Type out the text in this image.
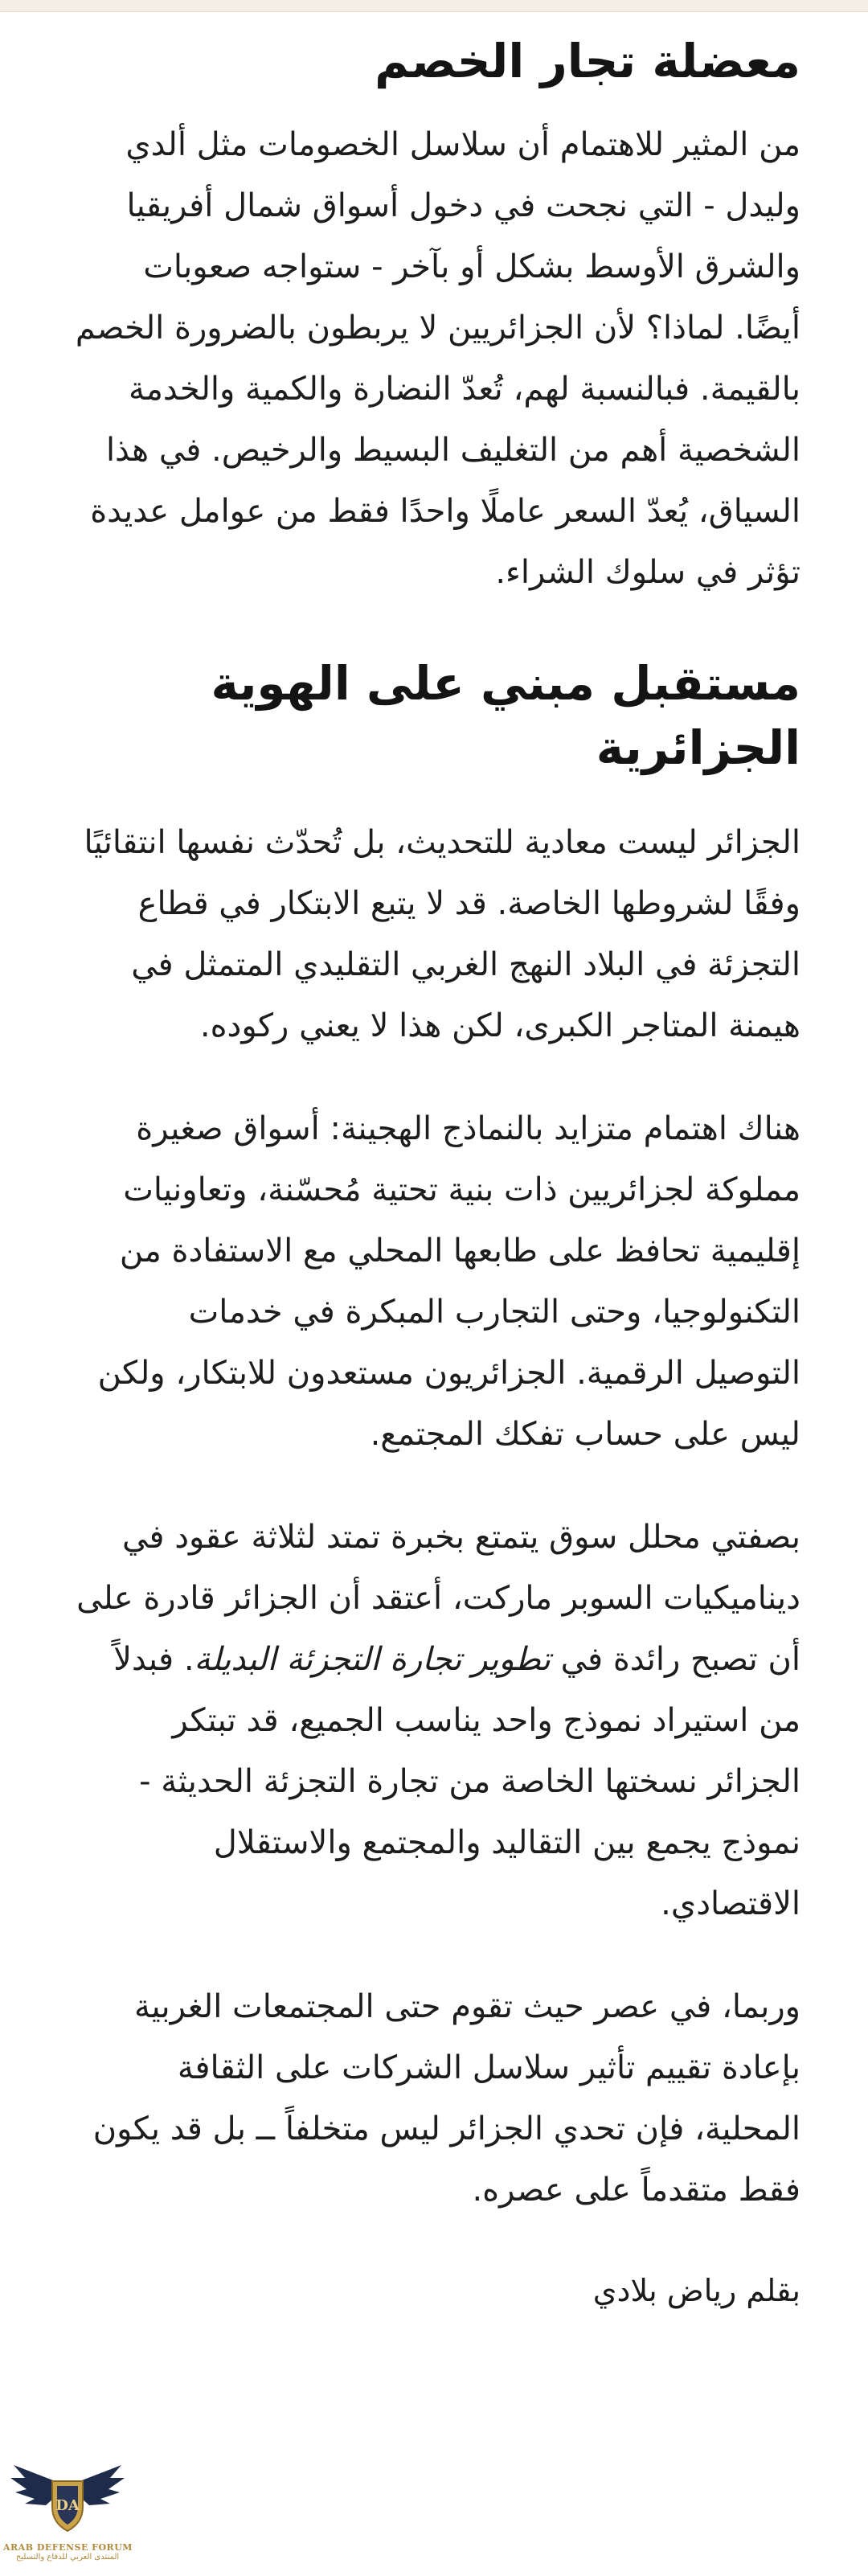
معضلة تجار الخصم

من المثير للاهتمام أن سلاسل الخصومات مثل ألدي وليدل - التي نجحت في دخول أسواق شمال أفريقيا والشرق الأوسط بشكل أو بآخر - ستواجه صعوبات أيضًا. لماذا؟ لأن الجزائريين لا يربطون بالضرورة الخصم بالقيمة. فبالنسبة لهم، تُعدّ النضارة والكمية والخدمة الشخصية أهم من التغليف البسيط والرخيص. في هذا السياق، يُعدّ السعر عاملًا واحدًا فقط من عوامل عديدة تؤثر في سلوك الشراء.

مستقبل مبني على الهوية الجزائرية

الجزائر ليست معادية للتحديث، بل تُحدّث نفسها انتقائيًا وفقًا لشروطها الخاصة. قد لا يتبع الابتكار في قطاع التجزئة في البلاد النهج الغربي التقليدي المتمثل في هيمنة المتاجر الكبرى، لكن هذا لا يعني ركوده.

هناك اهتمام متزايد بالنماذج الهجينة: أسواق صغيرة مملوكة لجزائريين ذات بنية تحتية مُحسّنة، وتعاونيات إقليمية تحافظ على طابعها المحلي مع الاستفادة من التكنولوجيا، وحتى التجارب المبكرة في خدمات التوصيل الرقمية. الجزائريون مستعدون للابتكار، ولكن ليس على حساب تفكك المجتمع.

بصفتي محلل سوق يتمتع بخبرة تمتد لثلاثة عقود في ديناميكيات السوبر ماركت، أعتقد أن الجزائر قادرة على أن تصبح رائدة في تطوير تجارة التجزئة البديلة. فبدلاً من استيراد نموذج واحد يناسب الجميع، قد تبتكر الجزائر نسختها الخاصة من تجارة التجزئة الحديثة - نموذج يجمع بين التقاليد والمجتمع والاستقلال الاقتصادي.

وربما، في عصر حيث تقوم حتى المجتمعات الغربية بإعادة تقييم تأثير سلاسل الشركات على الثقافة المحلية، فإن تحدي الجزائر ليس متخلفاً ــ بل قد يكون فقط متقدماً على عصره.

بقلم رياض بلادي
DA
ARAB DEFENSE FORUM
المنتدى العربي للدفاع والتسليح
